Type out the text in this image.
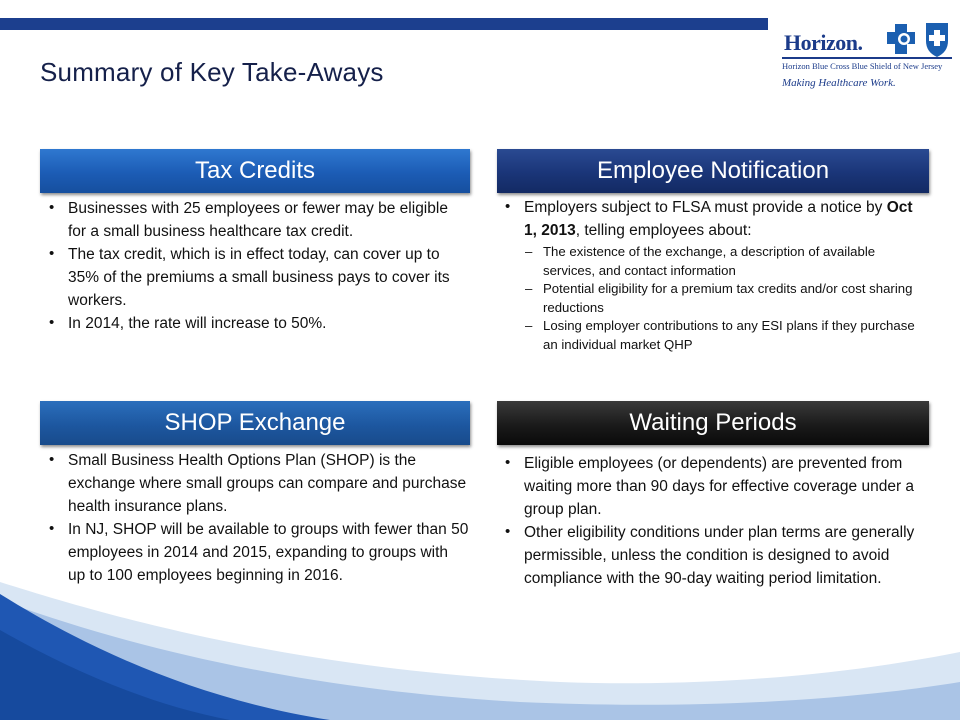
Horizon.
Horizon Blue Cross Blue Shield of New Jersey
Making Healthcare Work.
Summary of Key Take-Aways
Tax Credits
• Businesses with 25 employees or fewer may be eligible for a small business healthcare tax credit.
• The tax credit, which is in effect today, can cover up to 35% of the premiums a small business pays to cover its workers.
• In 2014, the rate will increase to 50%.
Employee Notification
• Employers subject to FLSA must provide a notice by Oct 1, 2013, telling employees about:
– The existence of the exchange, a description of available services, and contact information
– Potential eligibility for a premium tax credits and/or cost sharing reductions
– Losing employer contributions to any ESI plans if they purchase an individual market QHP
SHOP Exchange
• Small Business Health Options Plan (SHOP) is the exchange where small groups can compare and purchase health insurance plans.
• In NJ, SHOP will be available to groups with fewer than 50 employees in 2014 and 2015, expanding to groups with up to 100 employees beginning in 2016.
Waiting Periods
• Eligible employees (or dependents) are prevented from waiting more than 90 days for effective coverage under a group plan.
• Other eligibility conditions under plan terms are generally permissible, unless the condition is designed to avoid compliance with the 90-day waiting period limitation.
